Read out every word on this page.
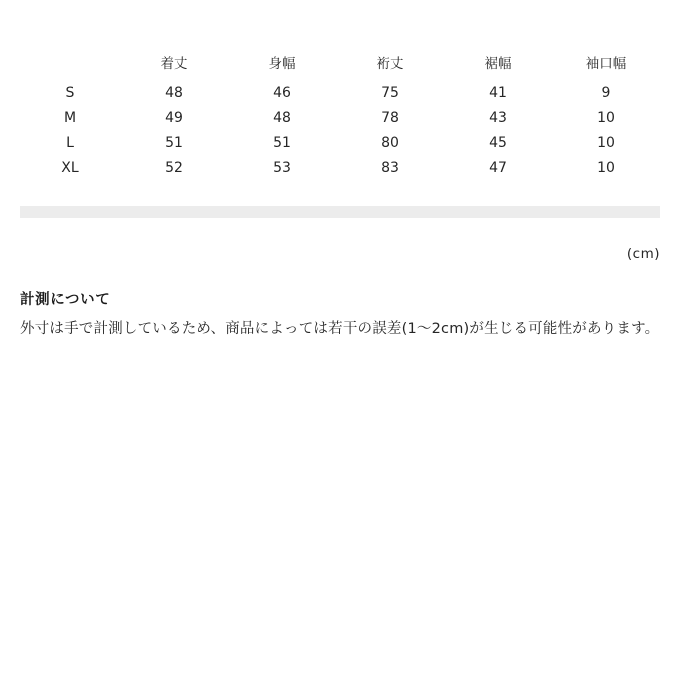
	着丈	身幅	裄丈	裾幅	袖口幅
S	48	46	75	41	9
M	49	48	78	43	10
L	51	51	80	45	10
XL	52	53	83	47	10
(cm)
計測について
外寸は手で計測しているため、商品によっては若干の誤差(1〜2cm)が生じる可能性があります。
